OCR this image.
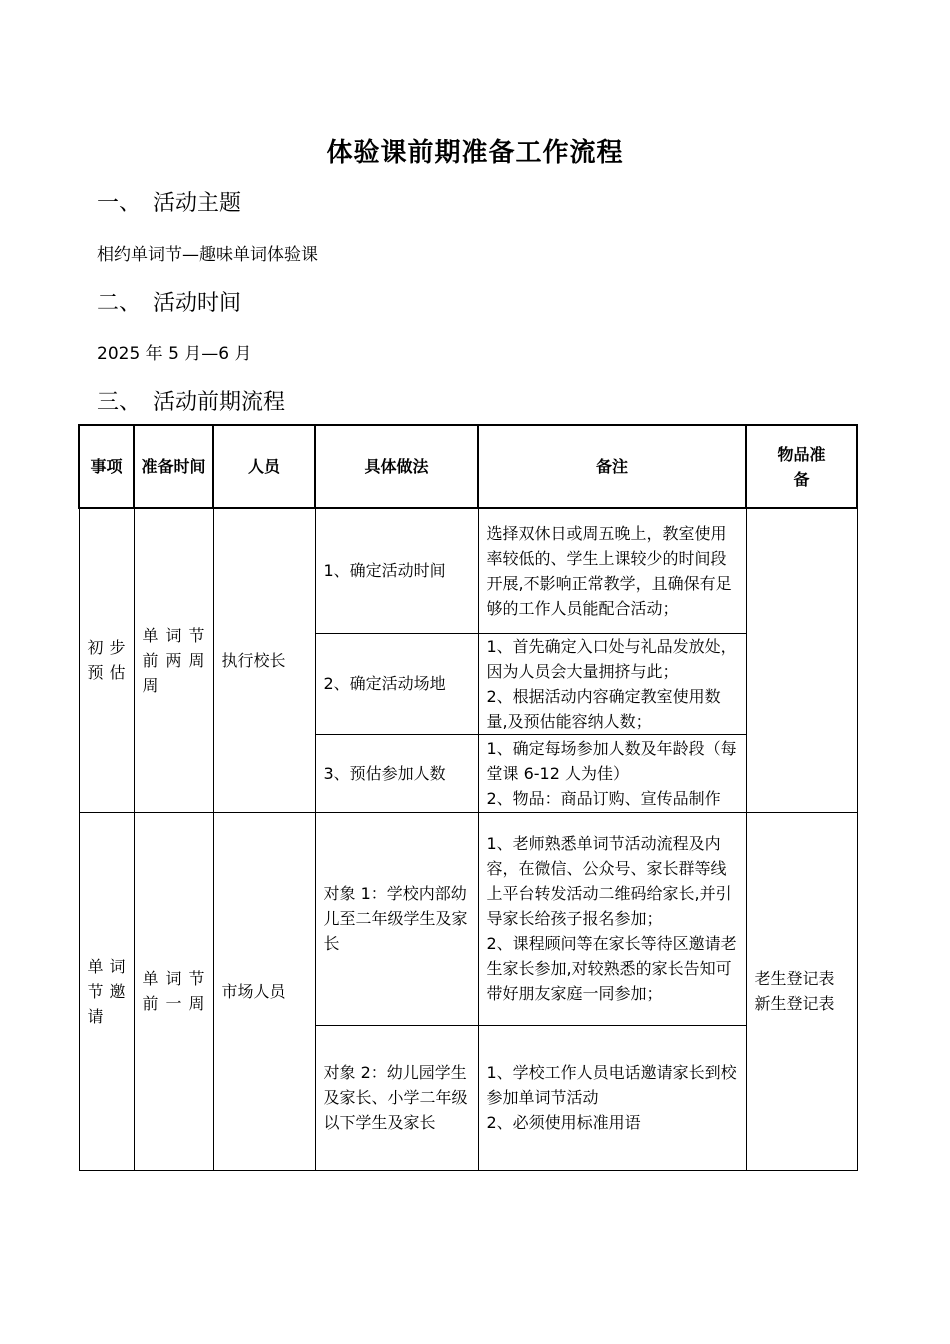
体验课前期准备工作流程
一、 活动主题
相约单词节—趣味单词体验课
二、 活动时间
2025 年 5 月—6 月
三、 活动前期流程
事项	准备时间	人员	具体做法	备注	物品准备
初步预估	单词节前两周周	执行校长	1、确定活动时间	选择双休日或周五晚上，教室使用率较低的、学生上课较少的时间段开展,不影响正常教学，且确保有足够的工作人员能配合活动；	
			2、确定活动场地	1、首先确定入口处与礼品发放处，因为人员会大量拥挤与此；
2、根据活动内容确定教室使用数量,及预估能容纳人数；	
			3、预估参加人数	1、确定每场参加人数及年龄段（每堂课 6-12 人为佳）
2、物品：商品订购、宣传品制作	
单词节邀请	单词节前一周	市场人员	对象 1：学校内部幼儿至二年级学生及家长	1、老师熟悉单词节活动流程及内容，在微信、公众号、家长群等线上平台转发活动二维码给家长,并引导家长给孩子报名参加；
2、课程顾问等在家长等待区邀请老生家长参加,对较熟悉的家长告知可带好朋友家庭一同参加；	老生登记表
新生登记表
			对象 2：幼儿园学生及家长、小学二年级以下学生及家长	1、学校工作人员电话邀请家长到校参加单词节活动
2、必须使用标准用语	
